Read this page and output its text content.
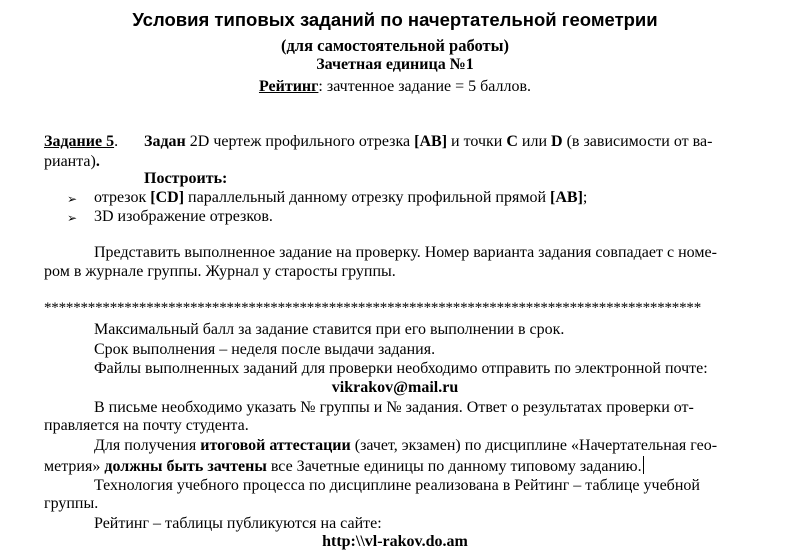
Условия типовых заданий по начертательной геометрии
(для самостоятельной работы)
Зачетная единица №1
Рейтинг: зачтенное задание = 5 баллов.
Задание 5. Задан 2D чертеж профильного отрезка [AB] и точки C или D (в зависимости от ва-
рианта).
Построить:
➢ отрезок [CD] параллельный данному отрезку профильной прямой [AB];
➢ 3D изображение отрезков.
Представить выполненное задание на проверку. Номер варианта задания совпадает с номе-
ром в журнале группы. Журнал у старосты группы.
******************************************************************************************
Максимальный балл за задание ставится при его выполнении в срок.
Срок выполнения – неделя после выдачи задания.
Файлы выполненных заданий для проверки необходимо отправить по электронной почте:
vikrakov@mail.ru
В письме необходимо указать № группы и № задания. Ответ о результатах проверки от-
правляется на почту студента.
Для получения итоговой аттестации (зачет, экзамен) по дисциплине «Начертательная гео-
метрия» должны быть зачтены все Зачетные единицы по данному типовому заданию.
Технология учебного процесса по дисциплине реализована в Рейтинг – таблице учебной
группы.
Рейтинг – таблицы публикуются на сайте:
http:\\vl-rakov.do.am
